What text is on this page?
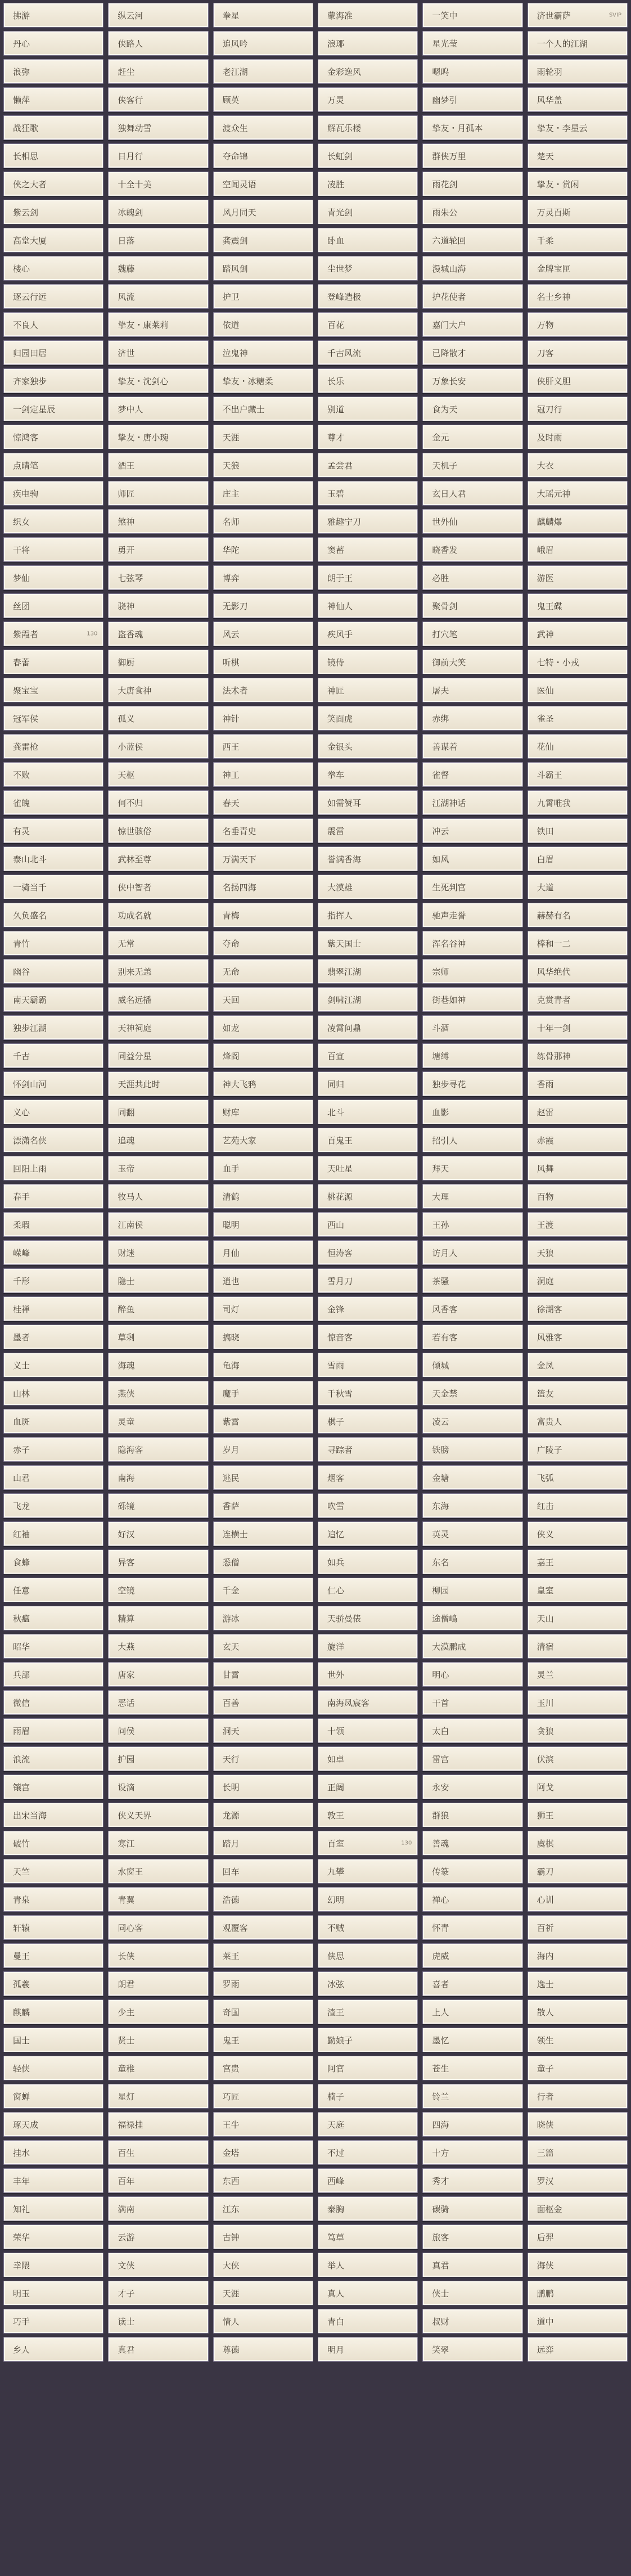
拂游	纵云河	拳星	蒙海准	一笑中	济世霸萨	SVIP
丹心	侠路人	追风吟	浪琊	星光莹	一个人的江湖
浪弥	赶尘	老江湖	金彩逸风	嗯呜	雨轮羽
懒萍	侠客行	顾英	万灵	幽梦引	风华盖
战狂歌	独舞动雪	渡众生	解瓦乐楼	挚友・月孤本	挚友・李星云
长相思	日月行	夺命锦	长虹剑	群侠万里	楚天
侠之大者	十全十美	空闻灵语	凌胜	雨花剑	挚友・赏闲
紫云剑	冰魄剑	风月同天	青光剑	雨朱公	万灵百斯
高堂大厦	日落	龚震剑	卧血	六道轮回	千柔
楼心	魏藤	踏风剑	尘世梦	漫城山海	金牌宝匣
逐云行远	风流	护卫	登峰造极	护花使者	名士乡神
不良人	挚友・康莱莉	依道	百花	嘉门大户	万物
归园田居	济世	泣鬼神	千古风流	已降散才	刀客
齐家独步	挚友・沈剑心	挚友・冰糖柔	长乐	万象长安	侠肝义胆
一剑定星辰	梦中人	不出户藏士	别道	食为天	冠刀行
惊鸿客	挚友・唐小琬	天涯	尊才	金元	及时雨
点睛笔	酒王	天狼	孟尝君	天机子	大衣
疾电驹	师匠	庄主	玉碧	玄日人君	大瑶元神
织女	煞神	名师	雅趣宁刀	世外仙	麒麟爆
干将	勇开	华陀	窦蓄	晓香发	峨眉
梦仙	七弦琴	博弈	朗于王	必胜	游医
丝团	骁神	无影刀	神仙人	聚骨剑	鬼王碟
紫霞者	130 盗香魂	风云	疾风手	打穴笔	武神
春蕾	御厨	听棋	镜侍	御前大笑	七特・小戎
聚宝宝	大唐食神	法术者	神匠	屠夫	医仙
冠军侯	孤义	神针	笑面虎	赤绑	雀圣
龚雷枪	小蓝侯	西王	金银头	善谋着	花仙
不败	天枢	神工	拳车	雀督	斗霸王
雀魄	何不归	春天	如需赞耳	江湖神话	九霄唯我
有灵	惊世骇俗	名垂青史	震雷	冲云	铁田
泰山北斗	武林至尊	万满天下	誉满香海	如风	白眉
一骑当千	侠中智者	名扬四海	大漠雄	生死判官	大道
久负盛名	功成名就	青梅	指挥人	驰声走誉	赫赫有名
青竹	无常	夺命	紫天国士	浑名谷神	棒和一二
幽谷	别来无恙	无命	翡翠江湖	宗师	风华绝代
南天霸霸	威名远播	天回	剑啸江湖	街巷如神	克赏青者
独步江湖	天神祠庭	如龙	凌霄问鼎	斗酒	十年一剑
千古	同益分星	烽阁	百宣	塘缚	练骨那神
怀剑山河	天涯共此时	神大飞鸦	同归	独步寻花	香雨
义心	同翻	财库	北斗	血影	赵雷
漂潇名侠	追魂	艺苑大家	百鬼王	招引人	赤霞
回阳上雨	玉帝	血手	天吐星	拜天	风舞
春手	牧马人	清鹤	桃花源	大理	百物
柔瑕	江南侯	聪明	西山	王孙	王渡
嵘峰	财迷	月仙	恒涛客	访月人	天狼
千形	隐士	逍也	雪月刀	茶骚	洞庭
桂禅	醉鱼	司灯	金锋	风香客	徐湖客
墨者	草剩	搞晓	惊音客	若有客	风雅客
义士	海魂	龟海	雪雨	倾城	金凤
山林	燕侠	魔手	千秋雪	天金禁	篮友
血斑	灵童	紫霄	棋子	凌云	富贵人
赤子	隐海客	岁月	寻踪者	铁膀	广陵子
山君	南海	逃民	烟客	金塘	飞弧
飞龙	砾镜	香萨	吹雪	东海	红击
红袖	好汉	连横士	追忆	英灵	侠义
食蜂	异客	悉僧	如兵	东名	嘉王
任意	空镜	千金	仁心	柳园	皇室
秋瘟	精算	游冰	天骄曼俵	途僧嶋	天山
昭华	大燕	玄天	旋洋	大漠鹏成	清宿
兵部	唐家	甘霄	世外	明心	灵兰
微信	恶话	百善	南海凤宸客	干首	玉川
雨眉	问侯	洞天	十领	太白	贪狼
浪流	护园	天行	如卓	雷宫	伏滨
镶宫	设滴	长明	正阔	永安	阿戈
出宋当海	侠义天界	龙源	敦王	群狼	狮王
破竹	寒江	踏月	百室	130 善魂	虞棋
天竺	水窗王	回车	九攀	传篆	霸刀
青泉	青翼	浩德	幻明	禅心	心训
轩辕	同心客	观覆客	不贼	怀青	百祈
曼王	长侠	莱王	侠思	虎威	海内
孤羲	朗君	罗雨	冰弦	喜者	逸士
麒麟	少主	奇国	渣王	上人	散人
国士	贤士	鬼王	勤娘子	墨忆	领生
轻侠	童稚	宫贵	阿官	苍生	童子
窗蝉	星灯	巧匠	楠子	铃兰	行者
琢天成	福禄挂	王牛	天庭	四海	晓侠
挂水	百生	金塔	不过	十方	三篇
丰年	百年	东西	西峰	秀才	罗汉
知礼	满南	江东	泰胸	碳骑	面枢金
荣华	云游	古钟	笃草	旅客	后羿
幸隈	文侠	大侠	举人	真君	海侠
明玉	才子	天涯	真人	侠士	鹏鹏
巧手	读士	情人	青白	叔财	道中
乡人	真君	尊德	明月	笑翠	远弈
